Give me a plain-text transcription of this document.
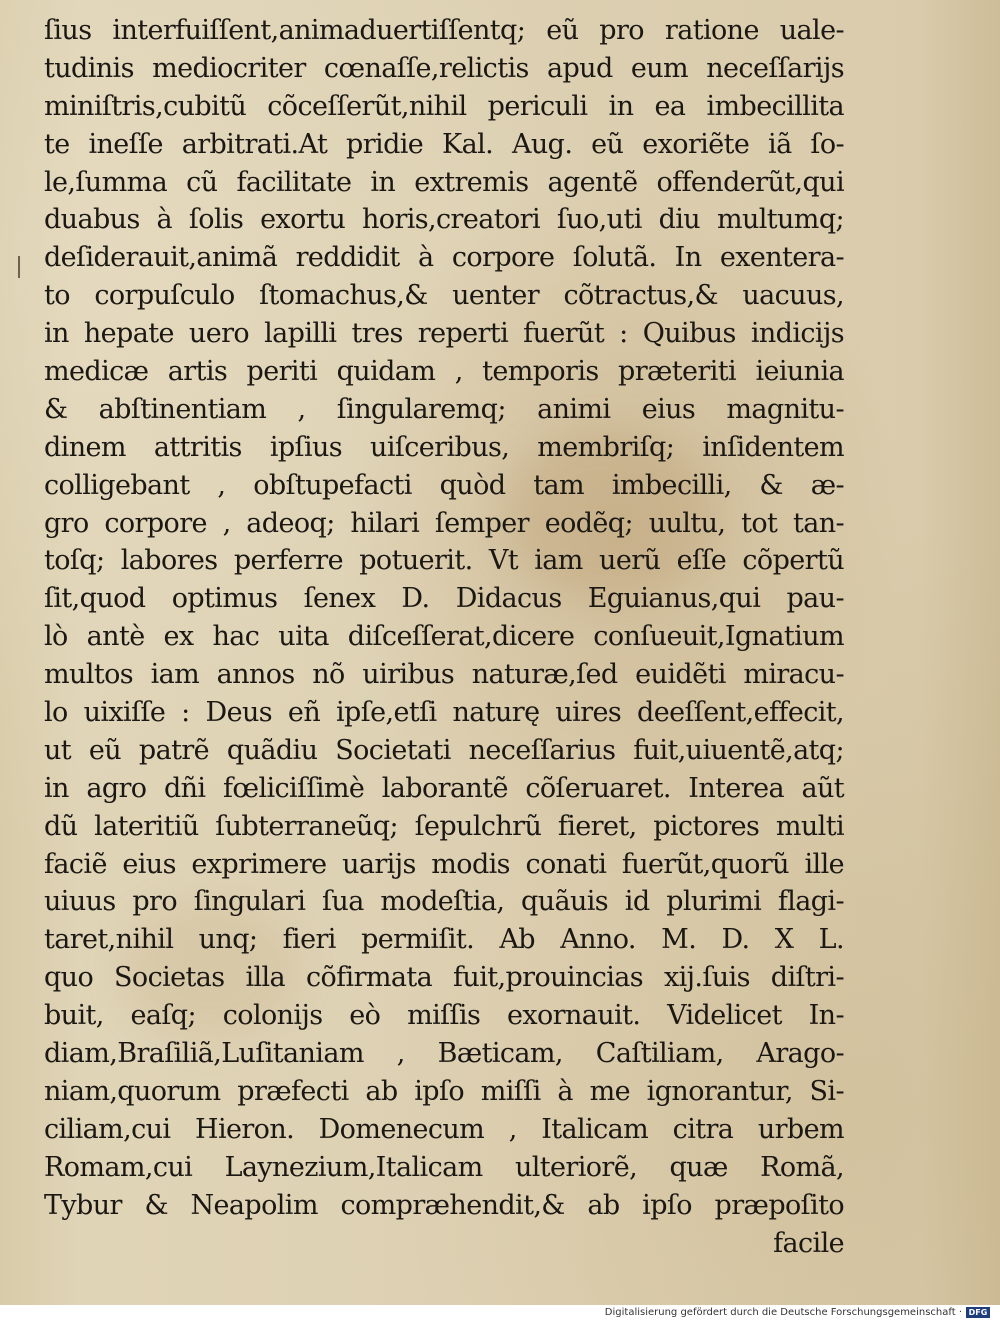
ſius interfuiſſent,animaduertiſſentq; eũ pro ratione uale-
tudinis mediocriter cœnaſſe,relictis apud eum neceſſarijs
miniſtris,cubitũ cõceſſerũt,nihil periculi in ea imbecillita
te ineſſe arbitrati.At pridie Kal. Aug. eũ exoriẽte iã ſo-
le,ſumma cũ facilitate in extremis agentẽ offenderũt,qui
duabus à ſolis exortu horis,creatori ſuo,uti diu multumq;
deſiderauit,animã reddidit à corpore ſolutã. In exentera-
to corpuſculo ſtomachus,& uenter cõtractus,& uacuus,
in hepate uero lapilli tres reperti fuerũt : Quibus indicijs
medicæ artis periti quidam , temporis præteriti ieiunia
& abſtinentiam , ſingularemq; animi eius magnitu-
dinem attritis ipſius uiſceribus, membriſq; inſidentem
colligebant , obſtupefacti quòd tam imbecilli, & æ-
gro corpore , adeoq; hilari ſemper eodẽq; uultu, tot tan-
toſq; labores perferre potuerit. Vt iam uerũ eſſe cõpertũ
ſit,quod optimus ſenex D. Didacus Eguianus,qui pau-
lò antè ex hac uita diſceſſerat,dicere conſueuit,Ignatium
multos iam annos nõ uiribus naturæ,ſed euidẽti miracu-
lo uixiſſe : Deus eñ ipſe,etſi naturę uires deeſſent,effecit,
ut eũ patrẽ quãdiu Societati neceſſarius fuit,uiuentẽ,atq;
in agro dñi fœliciſſimè laborantẽ cõſeruaret. Interea aũt
dũ lateritiũ ſubterraneũq; ſepulchrũ fieret, pictores multi
faciẽ eius exprimere uarijs modis conati fuerũt,quorũ ille
uiuus pro ſingulari ſua modeſtia, quãuis id plurimi flagi-
taret,nihil unq; fieri permiſit. Ab Anno. M. D. X L.
quo Societas illa cõfirmata fuit,prouincias xij.ſuis diſtri-
buit, eaſq; colonijs eò miſſis exornauit. Videlicet In-
diam,Braſiliã,Luſitaniam , Bæticam, Caſtiliam, Arago-
niam,quorum præfecti ab ipſo miſſi à me ignorantur, Si-
ciliam,cui Hieron. Domenecum , Italicam citra urbem
Romam,cui Laynezium,Italicam ulteriorẽ, quæ Romã,
Tybur & Neapolim compræhendit,& ab ipſo præpoſito
facile
Digitalisierung gefördert durch die Deutsche Forschungsgemeinschaft · DFG
